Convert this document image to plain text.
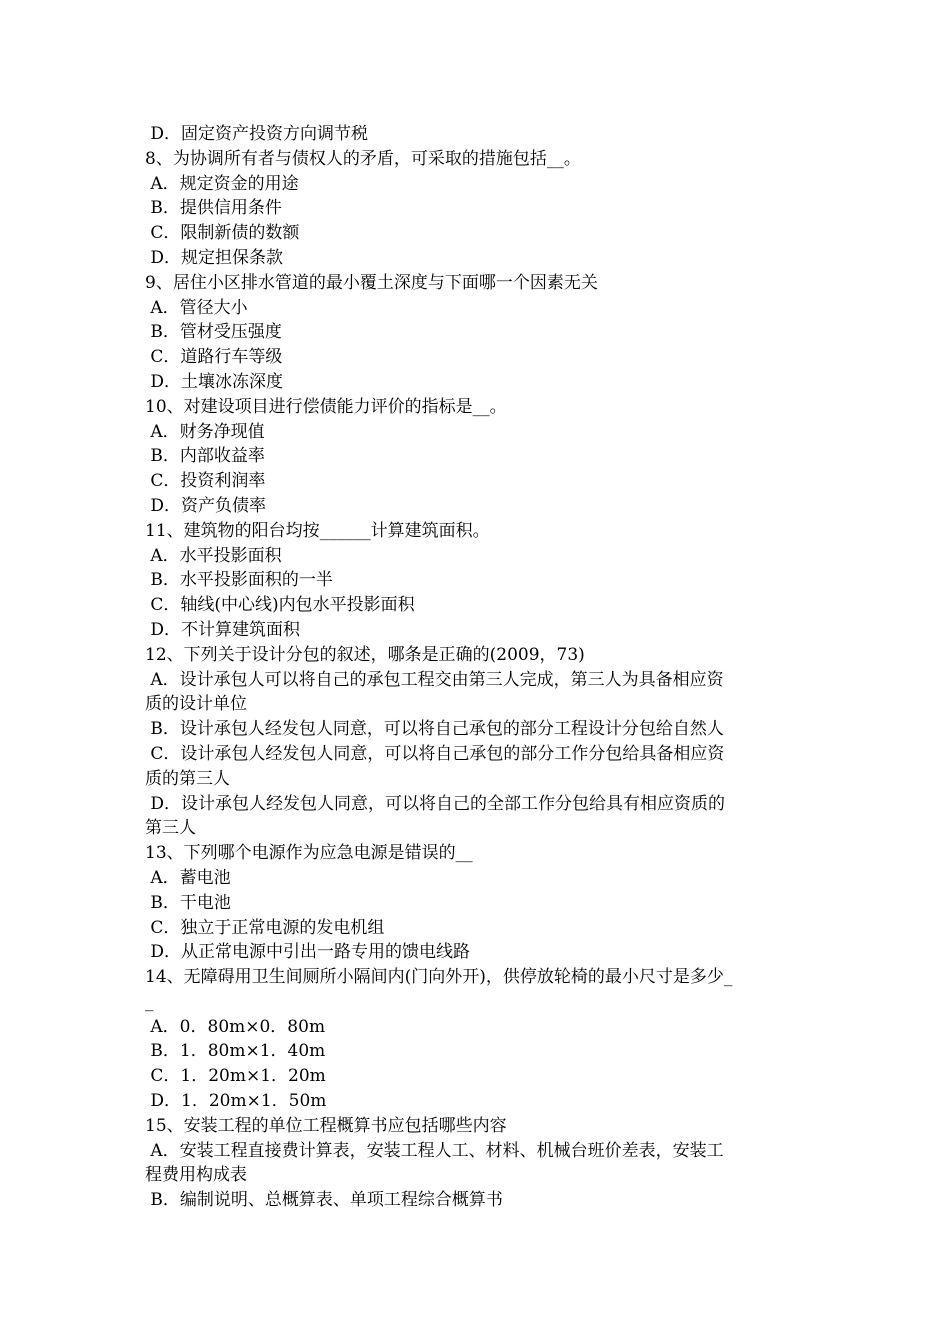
D．固定资产投资方向调节税
8、为协调所有者与债权人的矛盾，可采取的措施包括__。
A．规定资金的用途
B．提供信用条件
C．限制新债的数额
D．规定担保条款
9、居住小区排水管道的最小覆土深度与下面哪一个因素无关
A．管径大小
B．管材受压强度
C．道路行车等级
D．土壤冰冻深度
10、对建设项目进行偿债能力评价的指标是__。
A．财务净现值
B．内部收益率
C．投资利润率
D．资产负债率
11、建筑物的阳台均按______计算建筑面积。
A．水平投影面积
B．水平投影面积的一半
C．轴线(中心线)内包水平投影面积
D．不计算建筑面积
12、下列关于设计分包的叙述，哪条是正确的(2009，73)
A．设计承包人可以将自己的承包工程交由第三人完成，第三人为具备相应资
质的设计单位
B．设计承包人经发包人同意，可以将自己承包的部分工程设计分包给自然人
C．设计承包人经发包人同意，可以将自己承包的部分工作分包给具备相应资
质的第三人
D．设计承包人经发包人同意，可以将自己的全部工作分包给具有相应资质的
第三人
13、下列哪个电源作为应急电源是错误的__
A．蓄电池
B．干电池
C．独立于正常电源的发电机组
D．从正常电源中引出一路专用的馈电线路
14、无障碍用卫生间厕所小隔间内(门向外开)，供停放轮椅的最小尺寸是多少_
_
A．0．80m×0．80m
B．1．80m×1．40m
C．1．20m×1．20m
D．1．20m×1．50m
15、安装工程的单位工程概算书应包括哪些内容
A．安装工程直接费计算表，安装工程人工、材料、机械台班价差表，安装工
程费用构成表
B．编制说明、总概算表、单项工程综合概算书
